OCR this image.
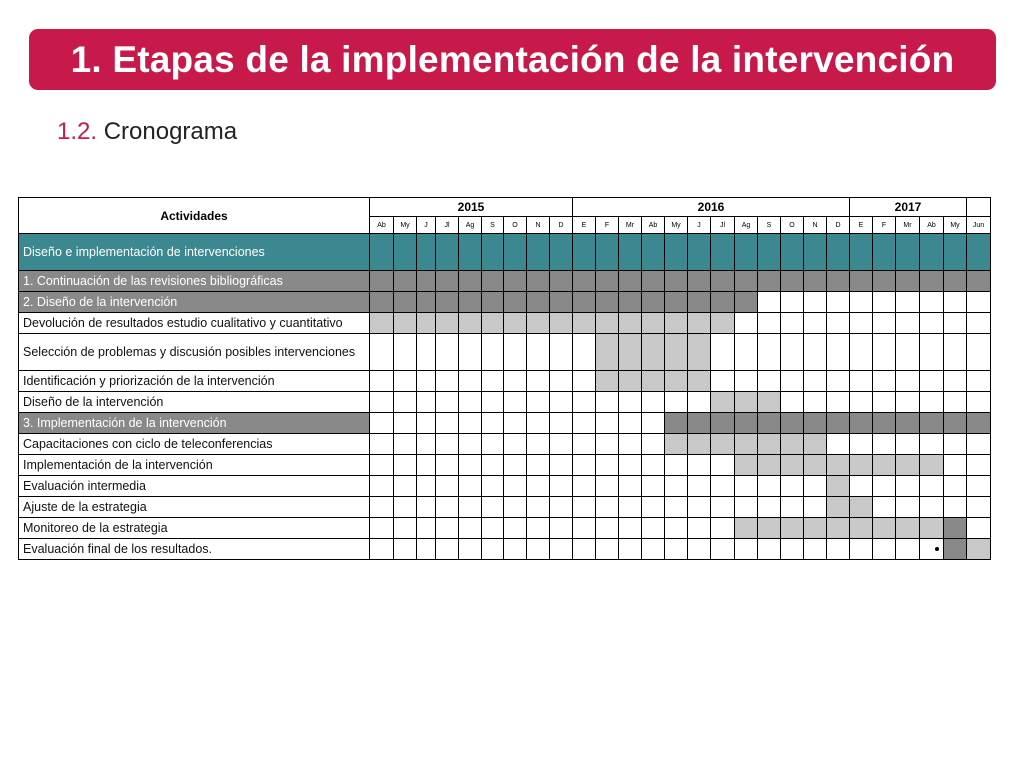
1. Etapas de la implementación de la intervención
1.2. Cronograma
Actividades	2015									2016												2017					
	Ab	My	J	Jl	Ag	S	O	N	D	E	F	Mr	Ab	My	J	Jl	Ag	S	O	N	D	E	F	Mr	Ab	My	Jun
Diseño e implementación de intervenciones																											
1. Continuación de las revisiones bibliográficas																											
2. Diseño de la intervención																											
Devolución de resultados estudio cualitativo y cuantitativo																											
Selección de problemas y discusión posibles intervenciones																											
Identificación y priorización de la intervención																											
Diseño de la intervención																											
3. Implementación de la intervención																											
Capacitaciones con ciclo de teleconferencias																											
Implementación de la intervención																											
Evaluación intermedia																											
Ajuste de la estrategia																											
Monitoreo de la estrategia																											
Evaluación final de los resultados.																									
